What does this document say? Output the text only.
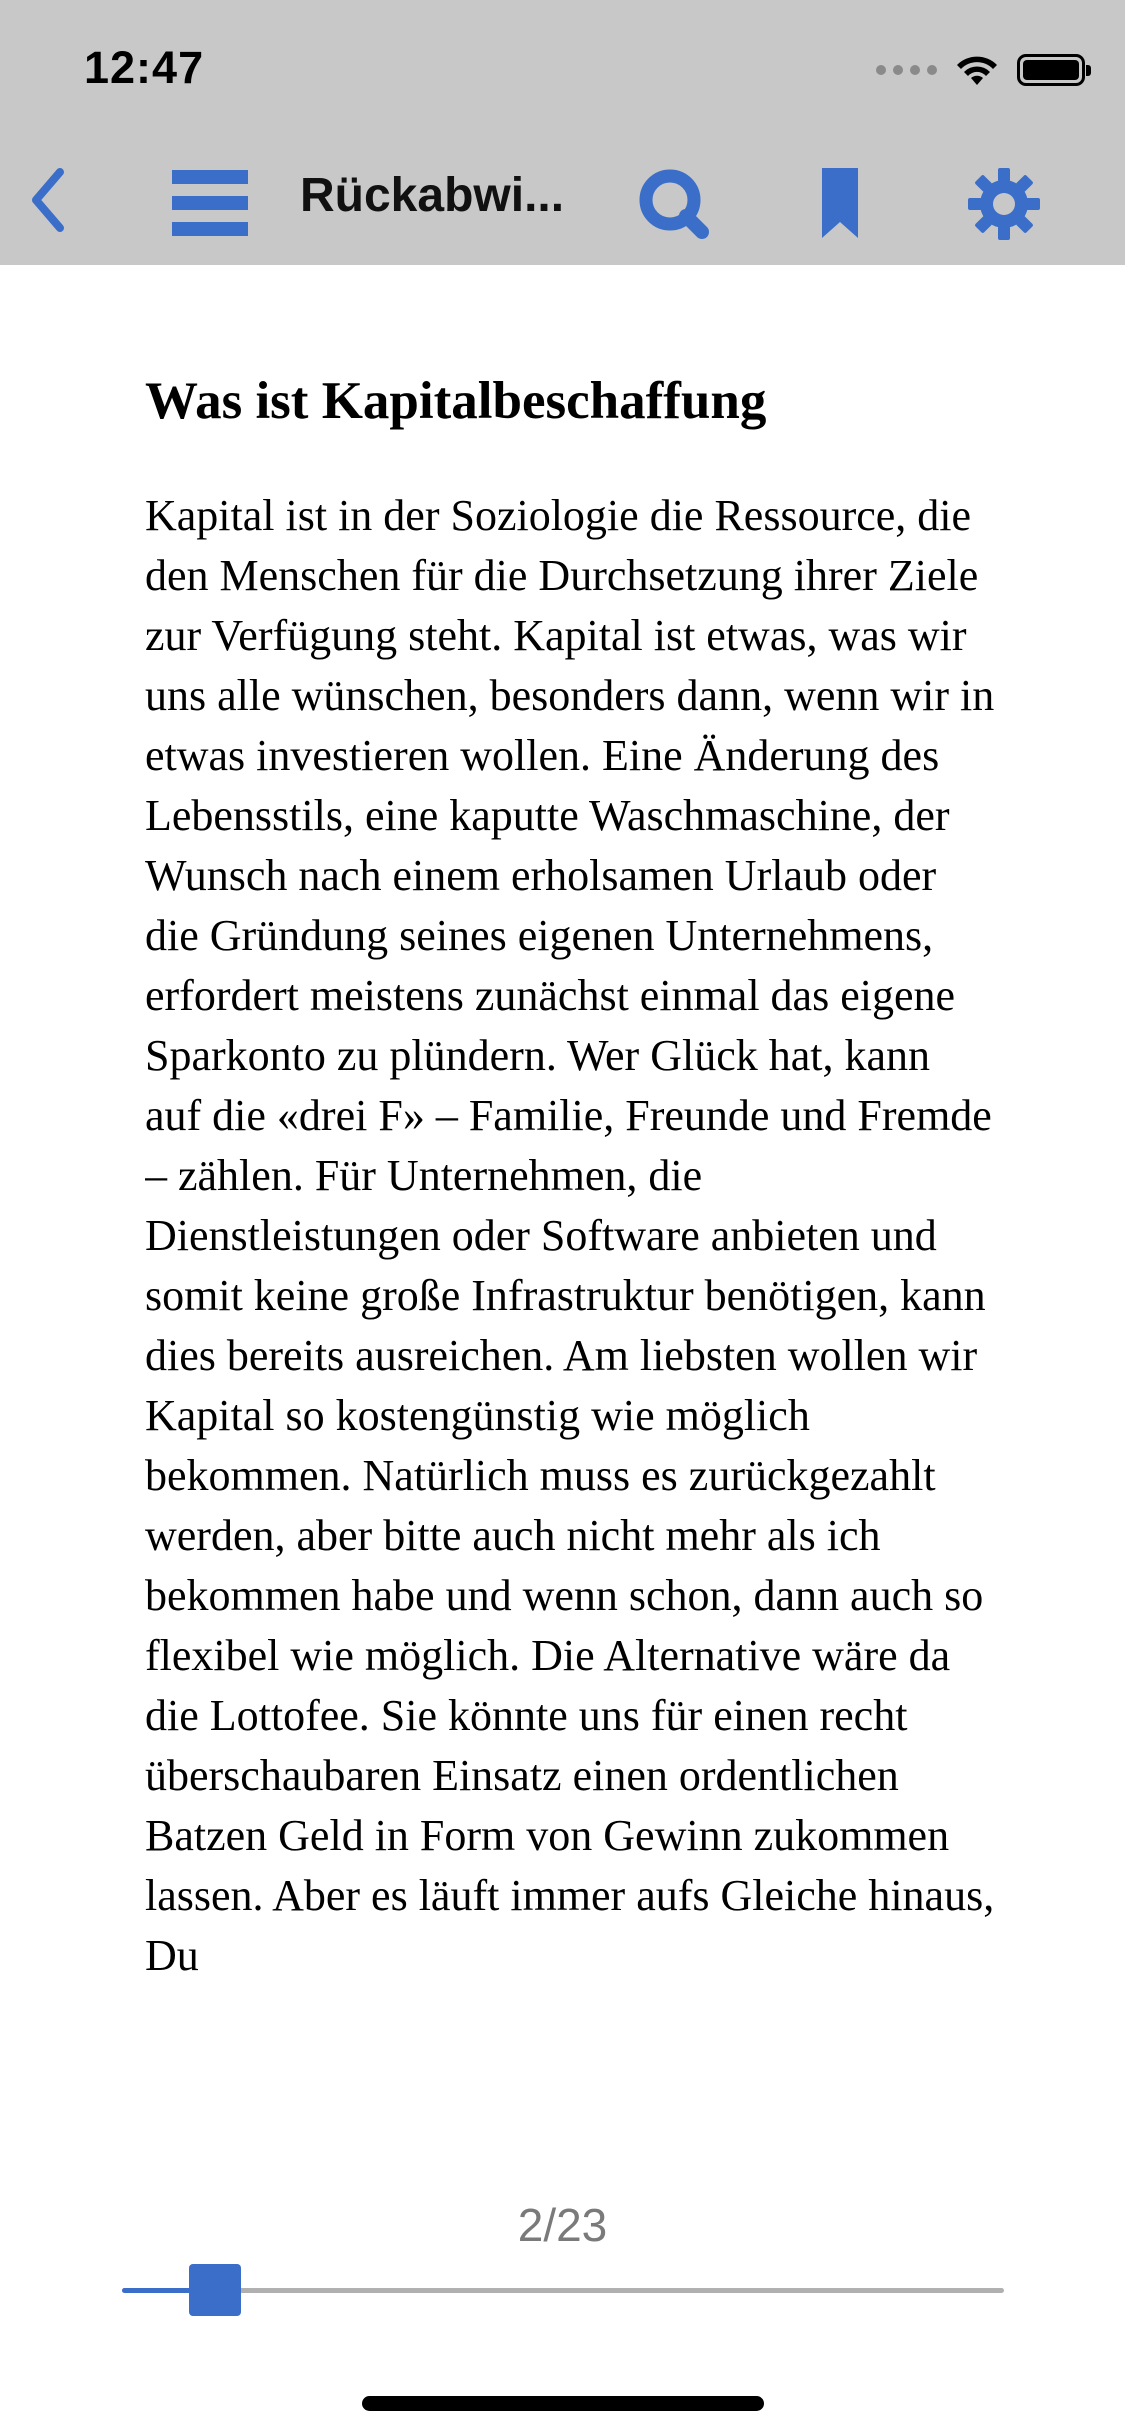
12:47
Rückabwi...
Was ist Kapitalbeschaffung

Kapital ist in der Soziologie die Ressource, die den Menschen für die Durchsetzung ihrer Ziele zur Verfügung steht. Kapital ist etwas, was wir uns alle wünschen, besonders dann, wenn wir in etwas investieren wollen. Eine Änderung des Lebensstils, eine kaputte Waschmaschine, der Wunsch nach einem erholsamen Urlaub oder die Gründung seines eigenen Unternehmens, erfordert meistens zunächst einmal das eigene Sparkonto zu plündern. Wer Glück hat, kann auf die «drei F» – Familie, Freunde und Fremde – zählen. Für Unternehmen, die Dienstleistungen oder Software anbieten und somit keine große Infrastruktur benötigen, kann dies bereits ausreichen. Am liebsten wollen wir Kapital so kostengünstig wie möglich bekommen. Natürlich muss es zurückgezahlt werden, aber bitte auch nicht mehr als ich bekommen habe und wenn schon, dann auch so flexibel wie möglich. Die Alternative wäre da die Lottofee. Sie könnte uns für einen recht überschaubaren Einsatz einen ordentlichen Batzen Geld in Form von Gewinn zukommen lassen. Aber es läuft immer aufs Gleiche hinaus, Du

2/23
